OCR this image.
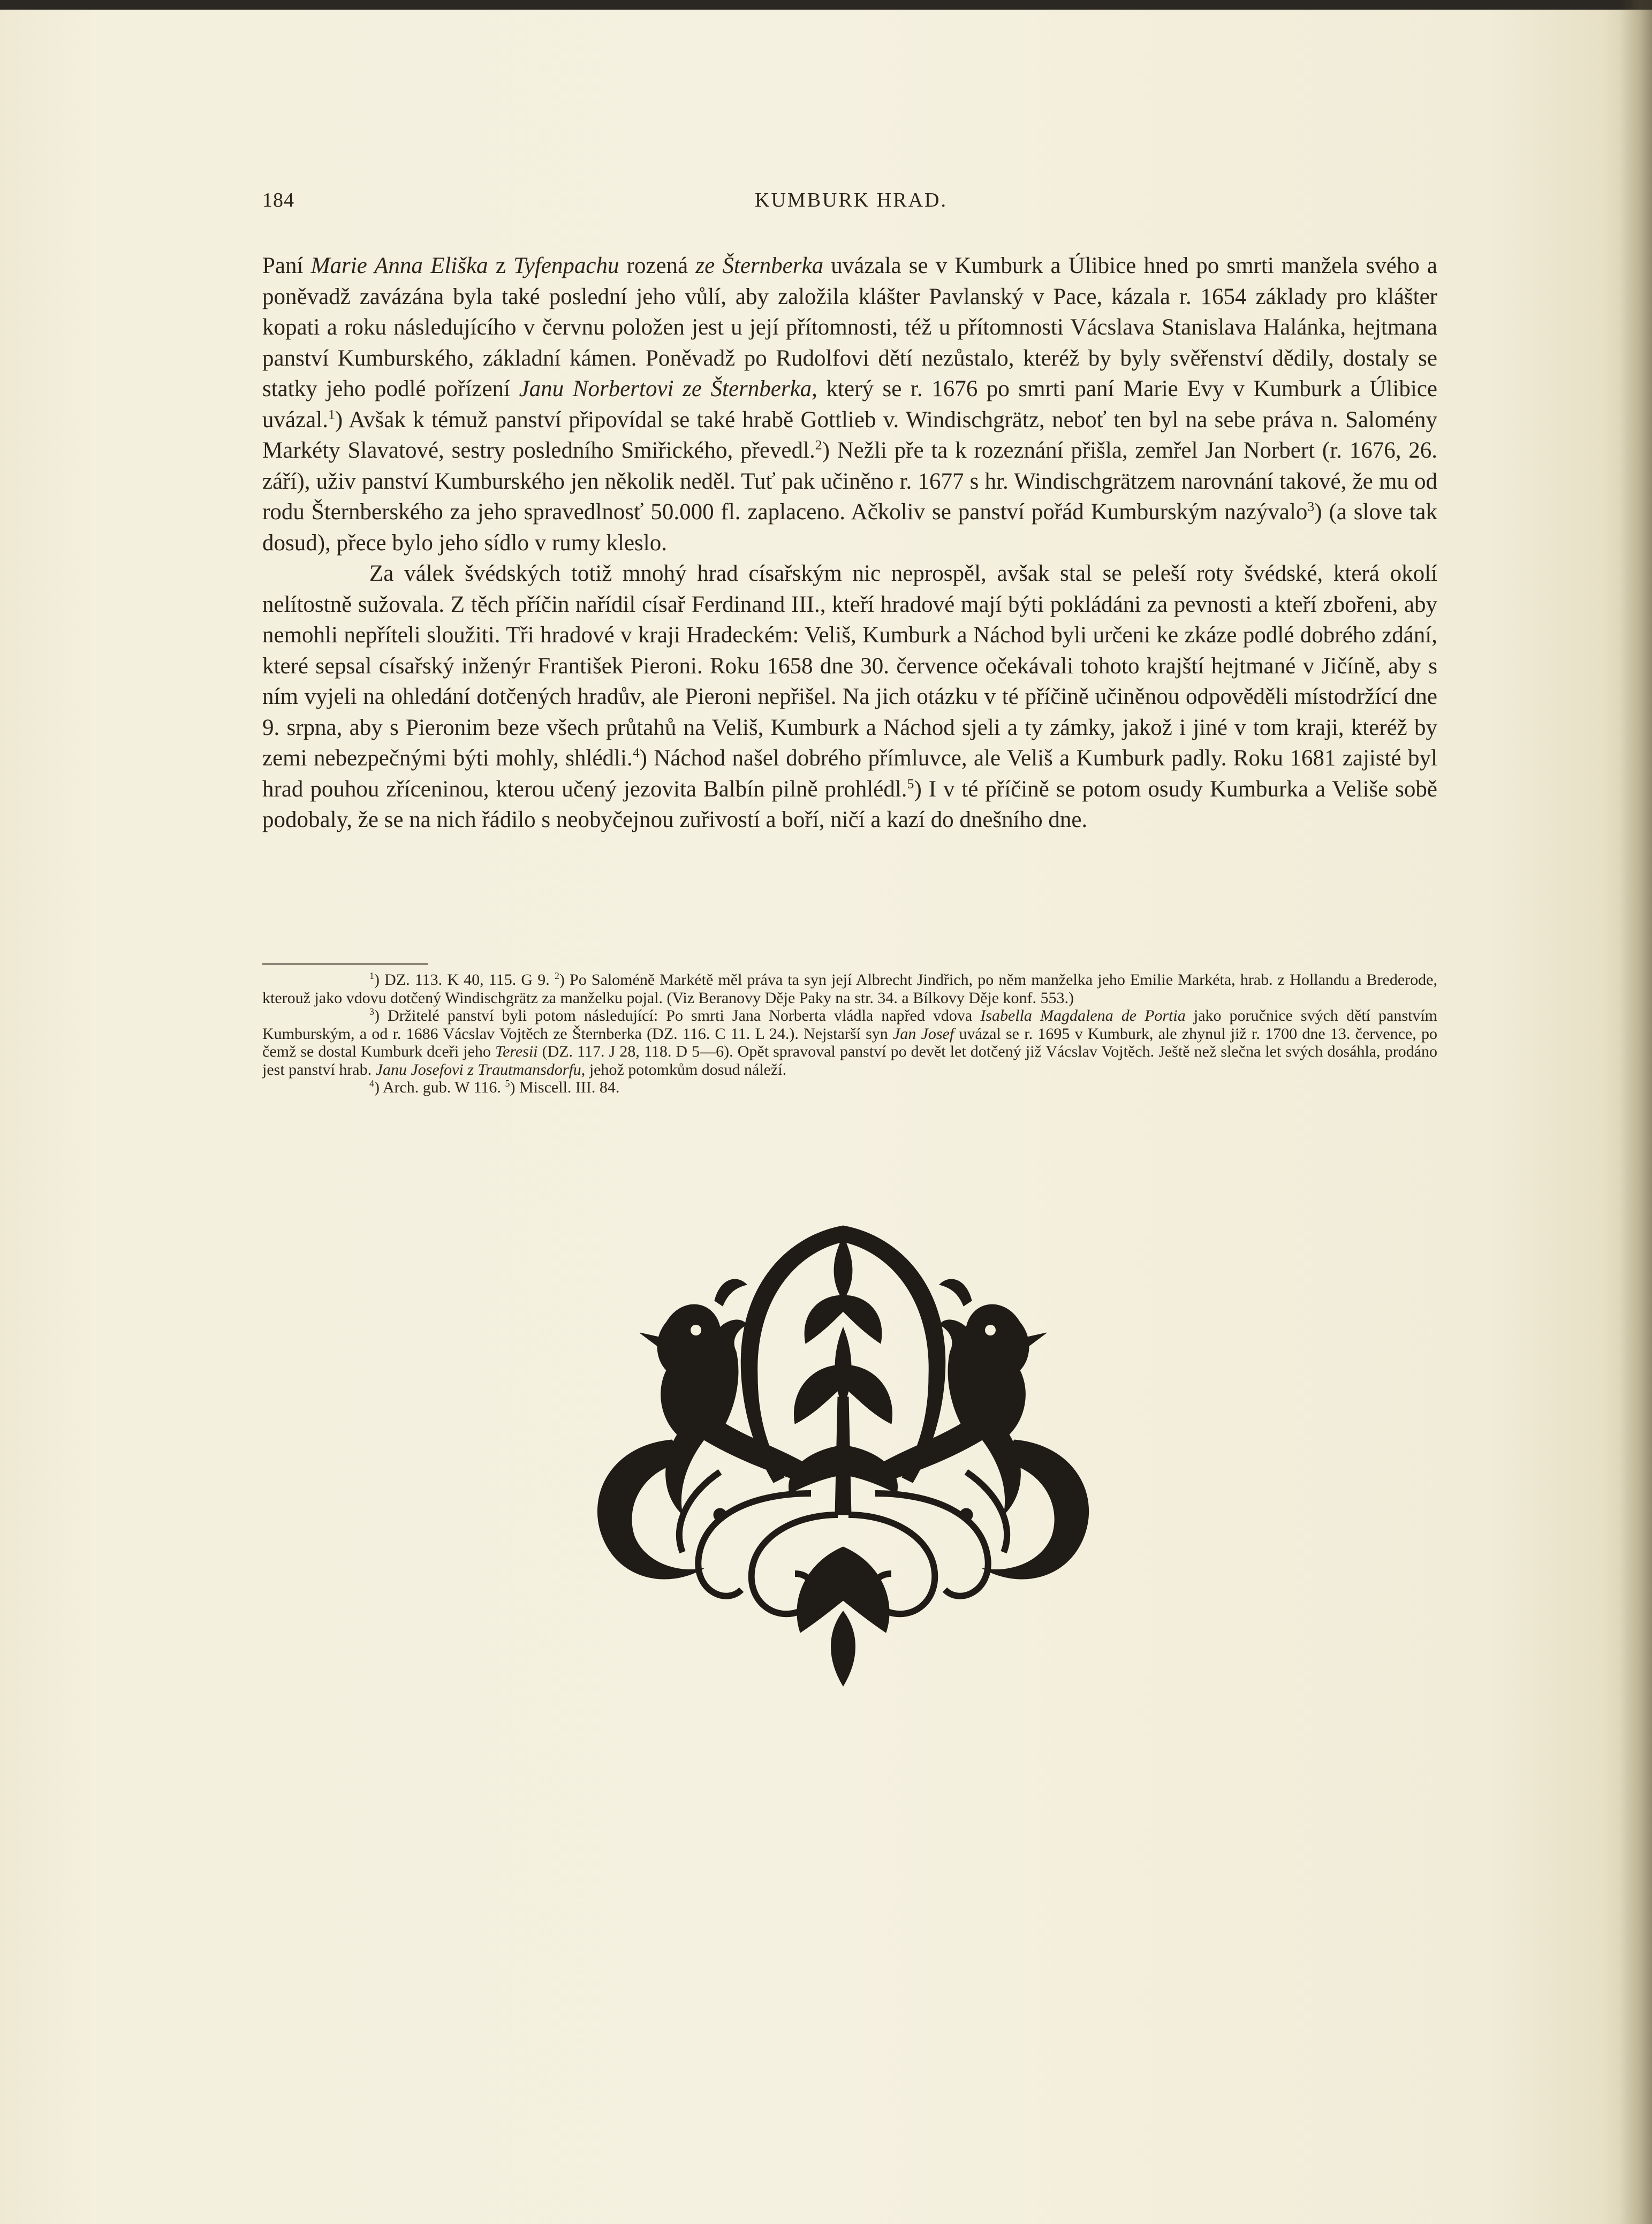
184	KUMBURK HRAD.

Paní Marie Anna Eliška z Tyfenpachu rozená ze Šternberka uvázala se v Kumburk a Úlibice hned po smrti manžela svého a poněvadž zavázána byla také poslední jeho vůlí, aby založila klášter Pavlanský v Pace, kázala r. 1654 základy pro klášter kopati a roku následujícího v červnu položen jest u její přítomnosti, též u přítomnosti Vácslava Stanislava Halánka, hejtmana panství Kumburského, základní kámen. Poněvadž po Rudolfovi dětí nezůstalo, kteréž by byly svěřenství dědily, dostaly se statky jeho podlé pořízení Janu Norbertovi ze Šternberka, který se r. 1676 po smrti paní Marie Evy v Kumburk a Úlibice uvázal.$^1$) Avšak k témuž panství připovídal se také hrabě Gottlieb v. Windischgrätz, neboť ten byl na sebe práva n. Salomény Markéty Slavatové, sestry posledního Smiřického, převedl.$^2$) Nežli pře ta k rozeznání přišla, zemřel Jan Norbert (r. 1676, 26. září), uživ panství Kumburského jen několik neděl. Tuť pak učiněno r. 1677 s hr. Windischgrätzem narovnání takové, že mu od rodu Šternberského za jeho spravedlnosť 50.000 fl. zaplaceno. Ačkoliv se panství pořád Kumburským nazývalo$^3$) (a slove tak dosud), přece bylo jeho sídlo v rumy kleslo.

Za válek švédských totiž mnohý hrad císařským nic neprospěl, avšak stal se peleší roty švédské, která okolí nelítostně sužovala. Z těch příčin nařídil císař Ferdinand III., kteří hradové mají býti pokládáni za pevnosti a kteří zbořeni, aby nemohli nepříteli sloužiti. Tři hradové v kraji Hradeckém: Veliš, Kumburk a Náchod byli určeni ke zkáze podlé dobrého zdání, které sepsal císařský inženýr František Pieroni. Roku 1658 dne 30. července očekávali tohoto krajští hejtmané v Jičíně, aby s ním vyjeli na ohledání dotčených hradův, ale Pieroni nepřišel. Na jich otázku v té příčině učiněnou odpověděli místodržící dne 9. srpna, aby s Pieronim beze všech průtahů na Veliš, Kumburk a Náchod sjeli a ty zámky, jakož i jiné v tom kraji, kteréž by zemi nebezpečnými býti mohly, shlédli.$^4$) Náchod našel dobrého přímluvce, ale Veliš a Kumburk padly. Roku 1681 zajisté byl hrad pouhou zříceninou, kterou učený jezovita Balbín pilně prohlédl.$^5$) I v té příčině se potom osudy Kumburka a Veliše sobě podobaly, že se na nich řádilo s neobyčejnou zuřivostí a boří, ničí a kazí do dnešního dne.

$^1$) DZ. 113. K 40, 115. G 9. $^2$) Po Saloméně Markétě měl práva ta syn její Albrecht Jindřich, po něm manželka jeho Emilie Markéta, hrab. z Hollandu a Brederode, kterouž jako vdovu dotčený Windischgrätz za manželku pojal. (Viz Beranovy Děje Paky na str. 34. a Bílkovy Děje konf. 553.)

$^3$) Držitelé panství byli potom následující: Po smrti Jana Norberta vládla napřed vdova Isabella Magdalena de Portia jako poručnice svých dětí panstvím Kumburským, a od r. 1686 Vácslav Vojtěch ze Šternberka (DZ. 116. C 11. L 24.). Nejstarší syn Jan Josef uvázal se r. 1695 v Kumburk, ale zhynul již r. 1700 dne 13. července, po čemž se dostal Kumburk dceři jeho Teresii (DZ. 117. J 28, 118. D 5—6). Opět spravoval panství po devět let dotčený již Vácslav Vojtěch. Ještě než slečna let svých dosáhla, prodáno jest panství hrab. Janu Josefovi z Trautmansdorfu, jehož potomkům dosud náleží.

$^4$) Arch. gub. W 116. $^5$) Miscell. III. 84.
